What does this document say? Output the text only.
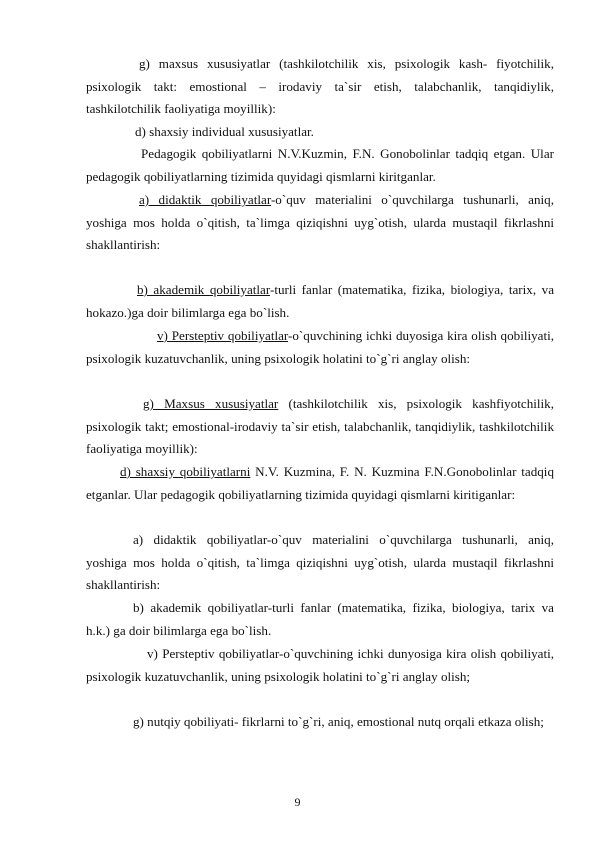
g) maxsus xususiyatlar (tashkilotchilik xis, psixologik kash- fiyotchilik, psixologik takt: emostional – irodaviy ta`sir etish, talabchanlik, tanqidiylik, tashkilotchilik faoliyatiga moyillik):

d) shaxsiy individual xususiyatlar.

Pedagogik qobiliyatlarni N.V.Kuzmin, F.N. Gonobolinlar tadqiq etgan. Ular pedagogik qobiliyatlarning tizimida quyidagi qismlarni kiritganlar.

a) didaktik qobiliyatlar-o`quv materialini o`quvchilarga tushunarli, aniq, yoshiga mos holda o`qitish, ta`limga qiziqishni uyg`otish, ularda mustaqil fikrlashni shakllantirish:

b) akademik qobiliyatlar-turli fanlar (matematika, fizika, biologiya, tarix, va hokazo.)ga doir bilimlarga ega bo`lish.

v) Persteptiv qobiliyatlar-o`quvchining ichki duyosiga kira olish qobiliyati, psixologik kuzatuvchanlik, uning psixologik holatini to`g`ri anglay olish:

g) Maxsus xususiyatlar (tashkilotchilik xis, psixologik kashfiyotchilik, psixologik takt; emostional-irodaviy ta`sir etish, talabchanlik, tanqidiylik, tashkilotchilik faoliyatiga moyillik):

d) shaxsiy qobiliyatlarni N.V. Kuzmina, F. N. Kuzmina F.N.Gonobolinlar tadqiq etganlar. Ular pedagogik qobiliyatlarning tizimida quyidagi qismlarni kiritiganlar:

a) didaktik qobiliyatlar-o`quv materialini o`quvchilarga tushunarli, aniq, yoshiga mos holda o`qitish, ta`limga qiziqishni uyg`otish, ularda mustaqil fikrlashni shakllantirish:

b) akademik qobiliyatlar-turli fanlar (matematika, fizika, biologiya, tarix va h.k.) ga doir bilimlarga ega bo`lish.

v) Persteptiv qobiliyatlar-o`quvchining ichki dunyosiga kira olish qobiliyati, psixologik kuzatuvchanlik, uning psixologik holatini to`g`ri anglay olish;

g) nutqiy qobiliyati- fikrlarni to`g`ri, aniq, emostional nutq orqali etkaza olish;

9
